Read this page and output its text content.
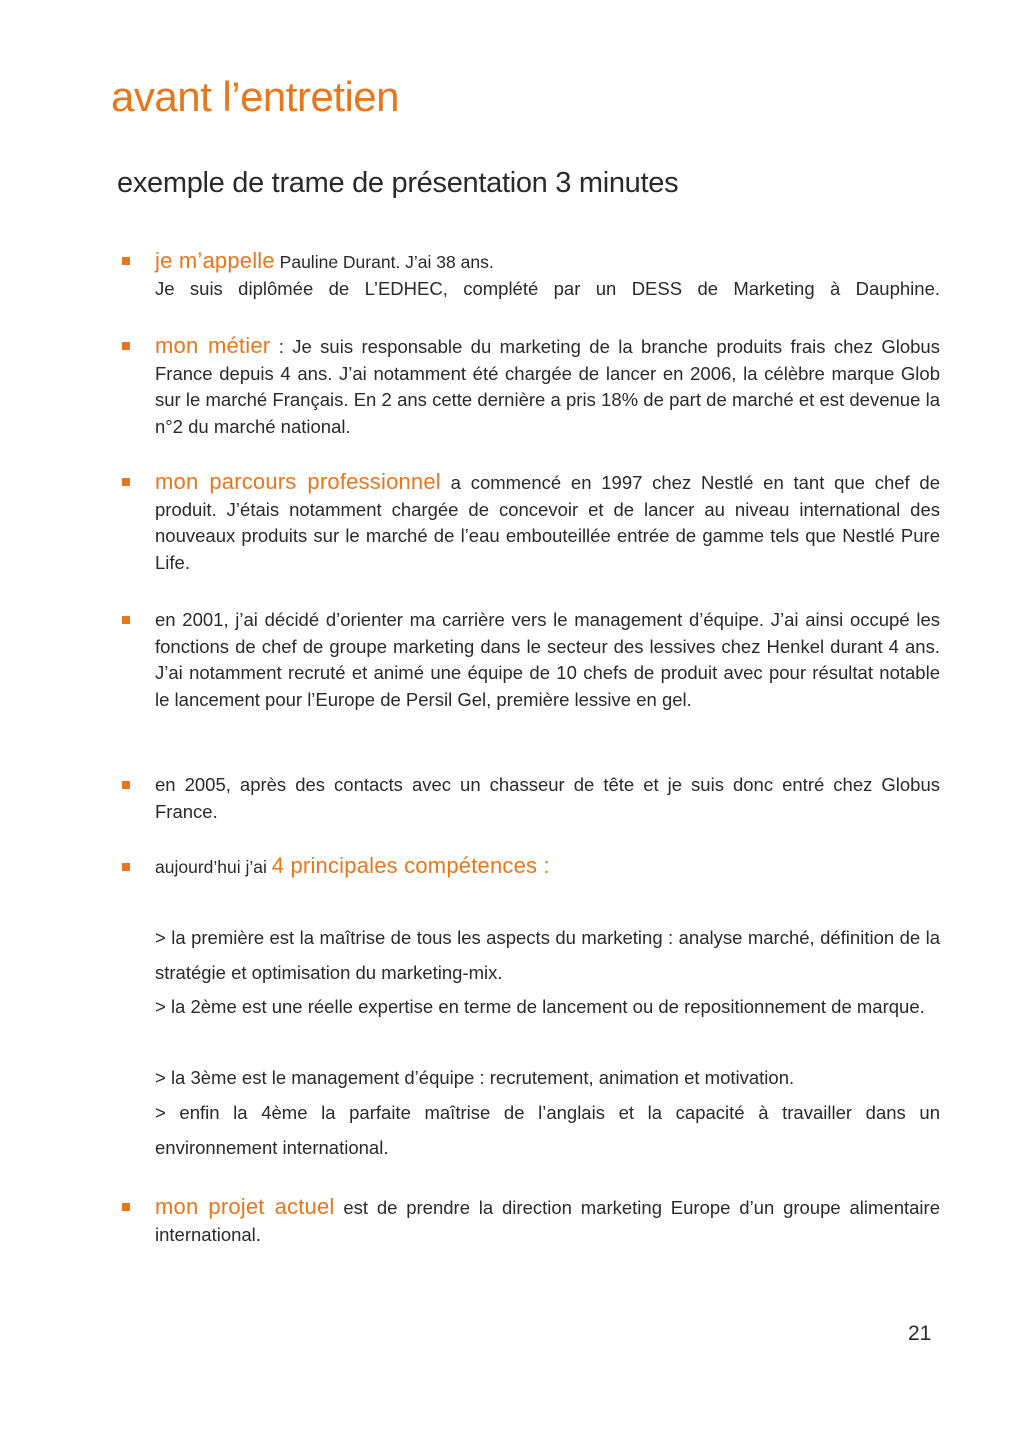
avant l’entretien
exemple de trame de présentation 3 minutes
je m’appelle Pauline Durant. J’ai 38 ans.
Je suis diplômée de L’EDHEC, complété par un DESS de Marketing à Dauphine.
mon métier : Je suis responsable du marketing de la branche produits frais chez Globus France depuis 4 ans. J’ai notamment été chargée de lancer en 2006, la célèbre marque Glob sur le marché Français. En 2 ans cette dernière a pris 18% de part de marché et est devenue la n°2 du marché national.
mon parcours professionnel a commencé en 1997 chez Nestlé en tant que chef de produit. J’étais notamment chargée de concevoir et de lancer au niveau international des nouveaux produits sur le marché de l’eau embouteillée entrée de gamme tels que Nestlé Pure Life.
en 2001, j’ai décidé d’orienter ma carrière vers le management d’équipe. J’ai ainsi occupé les fonctions de chef de groupe marketing dans le secteur des lessives chez Henkel durant 4 ans. J’ai notamment recruté et animé une équipe de 10 chefs de produit avec pour résultat notable le lancement pour l’Europe de Persil Gel, première lessive en gel.
en 2005, après des contacts avec un chasseur de tête et je suis donc entré chez Globus France.
aujourd’hui j’ai 4 principales compétences :
> la première est la maîtrise de tous les aspects du marketing : analyse marché, définition de la stratégie et optimisation du marketing-mix.
> la 2ème est une réelle expertise en terme de lancement ou de repositionnement de marque.
> la 3ème est le management d’équipe : recrutement, animation et motivation.
> enfin la 4ème la parfaite maîtrise de l’anglais et la capacité à travailler dans un environnement international.
mon projet actuel est de prendre la direction marketing Europe d’un groupe alimentaire international.
21
